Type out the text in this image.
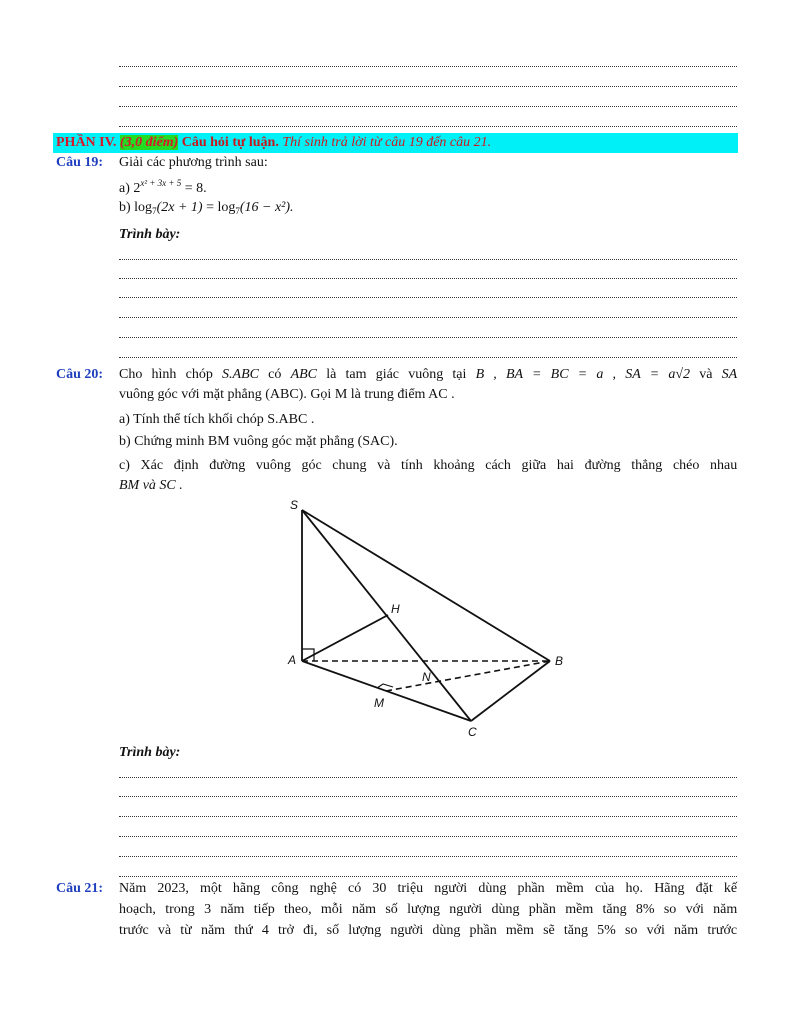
PHẦN IV. (3,0 điểm) Câu hỏi tự luận. Thí sinh trả lời từ câu 19 đến câu 21.
Câu 19: Giải các phương trình sau:
a) $2^{x^2 + 3x + 5} = 8$.
b) $\log_7(2x + 1) = \log_7(16 - x^2)$.
Trình bày:
Câu 20: Cho hình chóp S.ABC có ABC là tam giác vuông tại B , BA = BC = a , SA = a√2 và SA
vuông góc với mặt phẳng (ABC). Gọi M là trung điểm AC .
a) Tính thể tích khối chóp S.ABC .
b) Chứng minh BM vuông góc mặt phẳng (SAC).
c) Xác định đường vuông góc chung và tính khoảng cách giữa hai đường thẳng chéo nhau
BM và SC .
S
A	B
C
H
M
N
Trình bày:
Câu 21: Năm 2023, một hãng công nghệ có 30 triệu người dùng phần mềm của họ. Hãng đặt kế
hoạch, trong 3 năm tiếp theo, mỗi năm số lượng người dùng phần mềm tăng 8% so với năm
trước và từ năm thứ 4 trở đi, số lượng người dùng phần mềm sẽ tăng 5% so với năm trước
